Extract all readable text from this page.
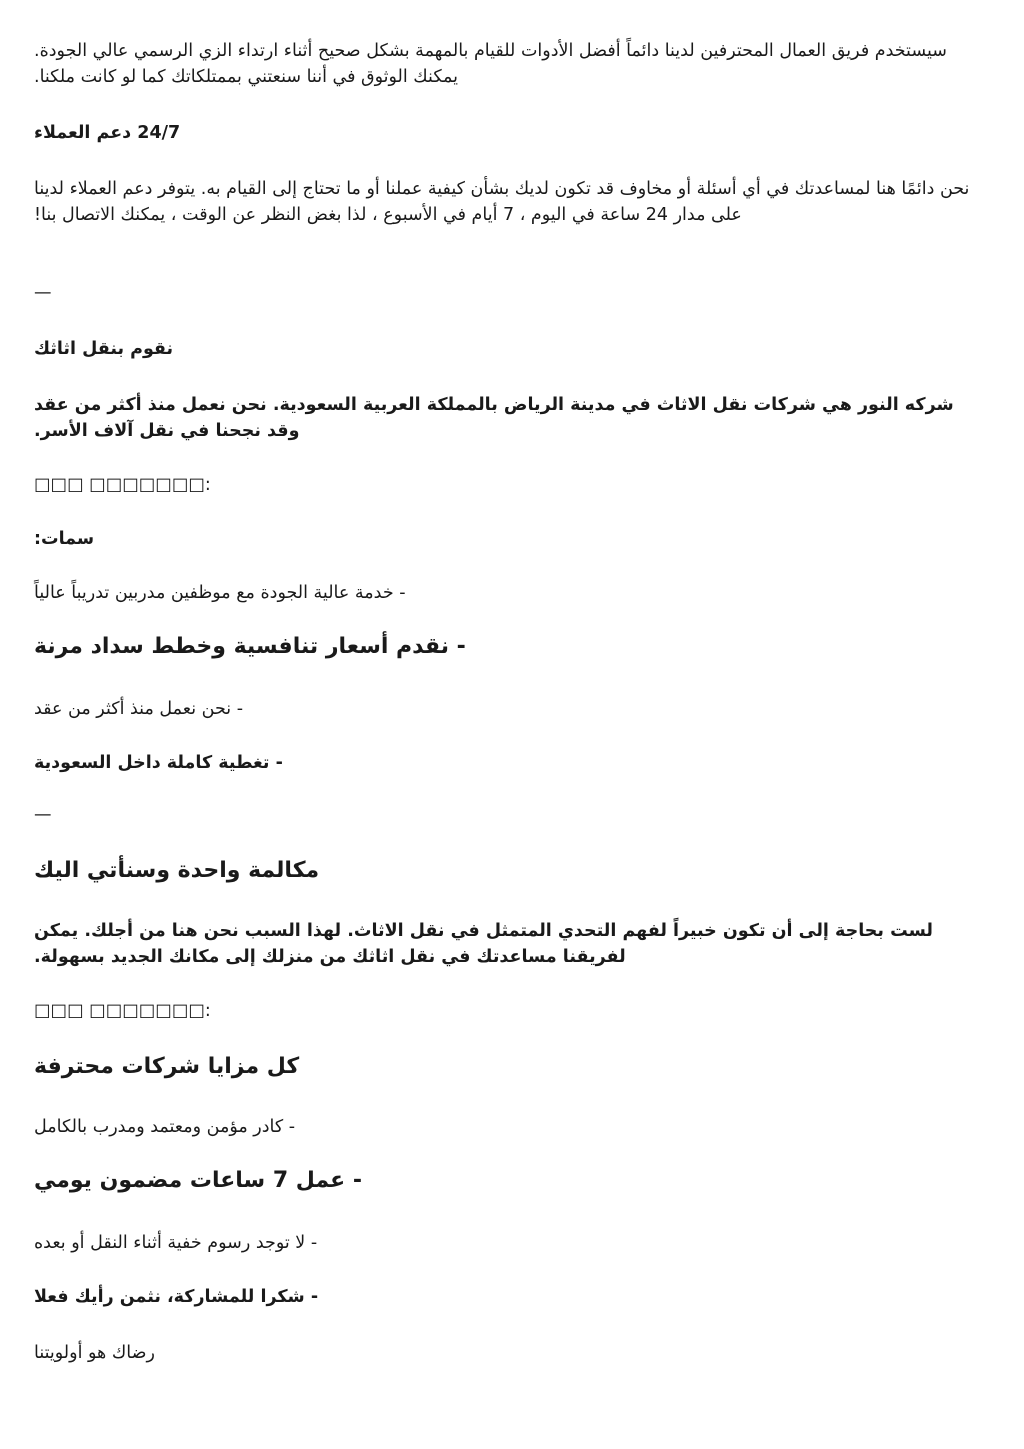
سيستخدم فريق العمال المحترفين لدينا دائماً أفضل الأدوات للقيام بالمهمة بشكل صحيح أثناء ارتداء الزي الرسمي عالي الجودة. يمكنك الوثوق في أننا سنعتني بممتلكاتك كما لو كانت ملكنا.

24/7 دعم العملاء

نحن دائمًا هنا لمساعدتك في أي أسئلة أو مخاوف قد تكون لديك بشأن كيفية عملنا أو ما تحتاج إلى القيام به. يتوفر دعم العملاء لدينا على مدار 24 ساعة في اليوم ، 7 أيام في الأسبوع ، لذا بغض النظر عن الوقت ، يمكنك الاتصال بنا!

—

نقوم بنقل اثاثك

شركه النور هي شركات نقل الاثاث في مدينة الرياض بالمملكة العربية السعودية. نحن نعمل منذ أكثر من عقد وقد نجحنا في نقل آلاف الأسر.

□□□ □□□□□□□:

سمات:

- خدمة عالية الجودة مع موظفين مدربين تدريباً عالياً

- نقدم أسعار تنافسية وخطط سداد مرنة

- نحن نعمل منذ أكثر من عقد

- تغطية كاملة داخل السعودية

—

مكالمة واحدة وسنأتي اليك

لست بحاجة إلى أن تكون خبيراً لفهم التحدي المتمثل في نقل الاثاث. لهذا السبب نحن هنا من أجلك. يمكن لفريقنا مساعدتك في نقل اثاثك من منزلك إلى مكانك الجديد بسهولة.

□□□ □□□□□□□:

كل مزايا شركات محترفة

- كادر مؤمن ومعتمد ومدرب بالكامل

- عمل 7 ساعات مضمون يومي

- لا توجد رسوم خفية أثناء النقل أو بعده

- شكرا للمشاركة، نثمن رأيك فعلا

رضاك هو أولويتنا
